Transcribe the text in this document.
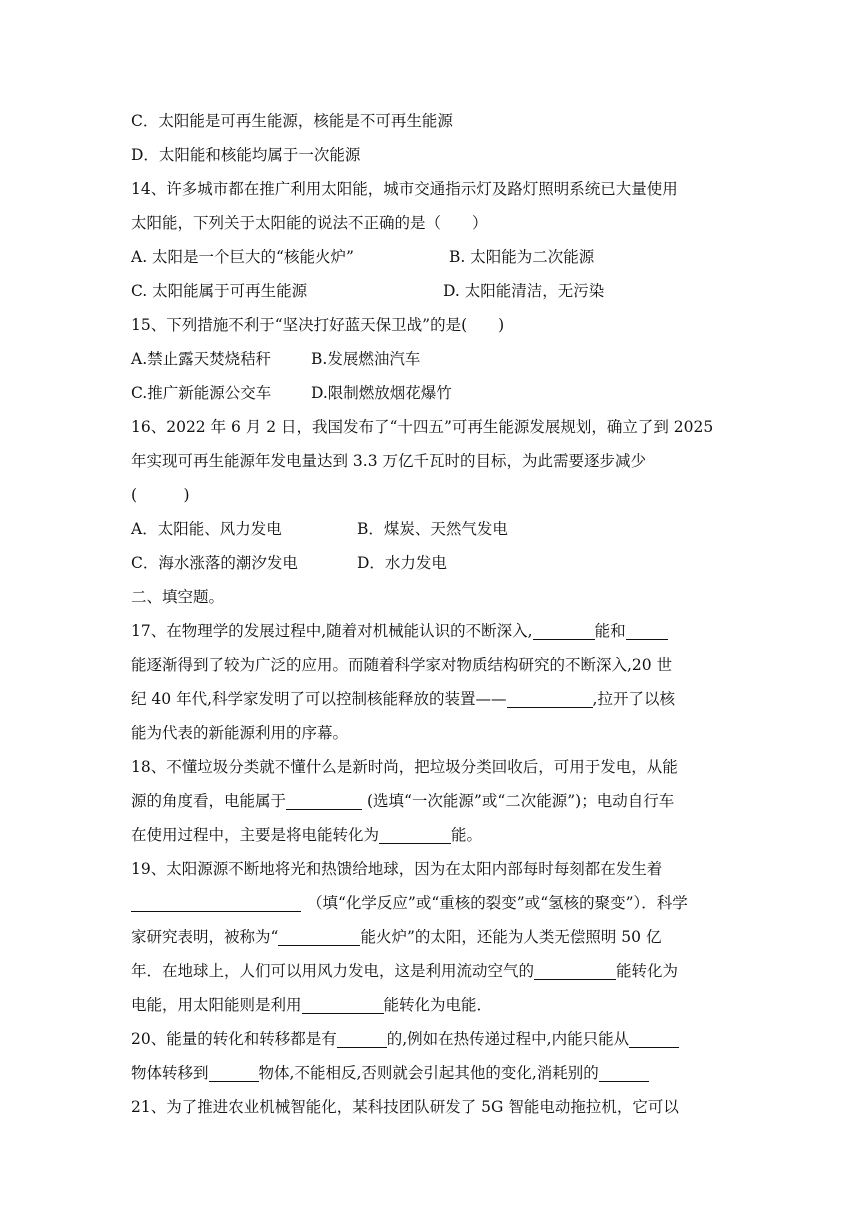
C．太阳能是可再生能源，核能是不可再生能源
D．太阳能和核能均属于一次能源
14、许多城市都在推广利用太阳能，城市交通指示灯及路灯照明系统已大量使用
太阳能，下列关于太阳能的说法不正确的是（　　）
A. 太阳是一个巨大的“核能火炉”	B. 太阳能为二次能源
C. 太阳能属于可再生能源	D. 太阳能清洁，无污染
15、下列措施不利于“坚决打好蓝天保卫战”的是(　　)
A.禁止露天焚烧秸秆	B.发展燃油汽车
C.推广新能源公交车	D.限制燃放烟花爆竹
16、2022 年 6 月 2 日，我国发布了“十四五”可再生能源发展规划，确立了到 2025
年实现可再生能源年发电量达到 3.3 万亿千瓦时的目标，为此需要逐步减少
(　　　)
A．太阳能、风力发电	B．煤炭、天然气发电
C．海水涨落的潮汐发电	D．水力发电
二、填空题。
17、在物理学的发展过程中,随着对机械能认识的不断深入,	能和
能逐渐得到了较为广泛的应用。而随着科学家对物质结构研究的不断深入,20 世
纪 40 年代,科学家发明了可以控制核能释放的装置——	,拉开了以核
能为代表的新能源利用的序幕。
18、不懂垃圾分类就不懂什么是新时尚，把垃圾分类回收后，可用于发电，从能
源的角度看，电能属于	(选填“一次能源”或“二次能源”)；电动自行车
在使用过程中，主要是将电能转化为	能。
19、太阳源源不断地将光和热馈给地球，因为在太阳内部每时每刻都在发生着
（填“化学反应”或“重核的裂变”或“氢核的聚变”）．科学
家研究表明，被称为“	能火炉”的太阳，还能为人类无偿照明 50 亿
年．在地球上，人们可以用风力发电，这是利用流动空气的	能转化为
电能，用太阳能则是利用	能转化为电能．
20、能量的转化和转移都是有	的,例如在热传递过程中,内能只能从
物体转移到	物体,不能相反,否则就会引起其他的变化,消耗别的
21、为了推进农业机械智能化，某科技团队研发了 5G 智能电动拖拉机，它可以
